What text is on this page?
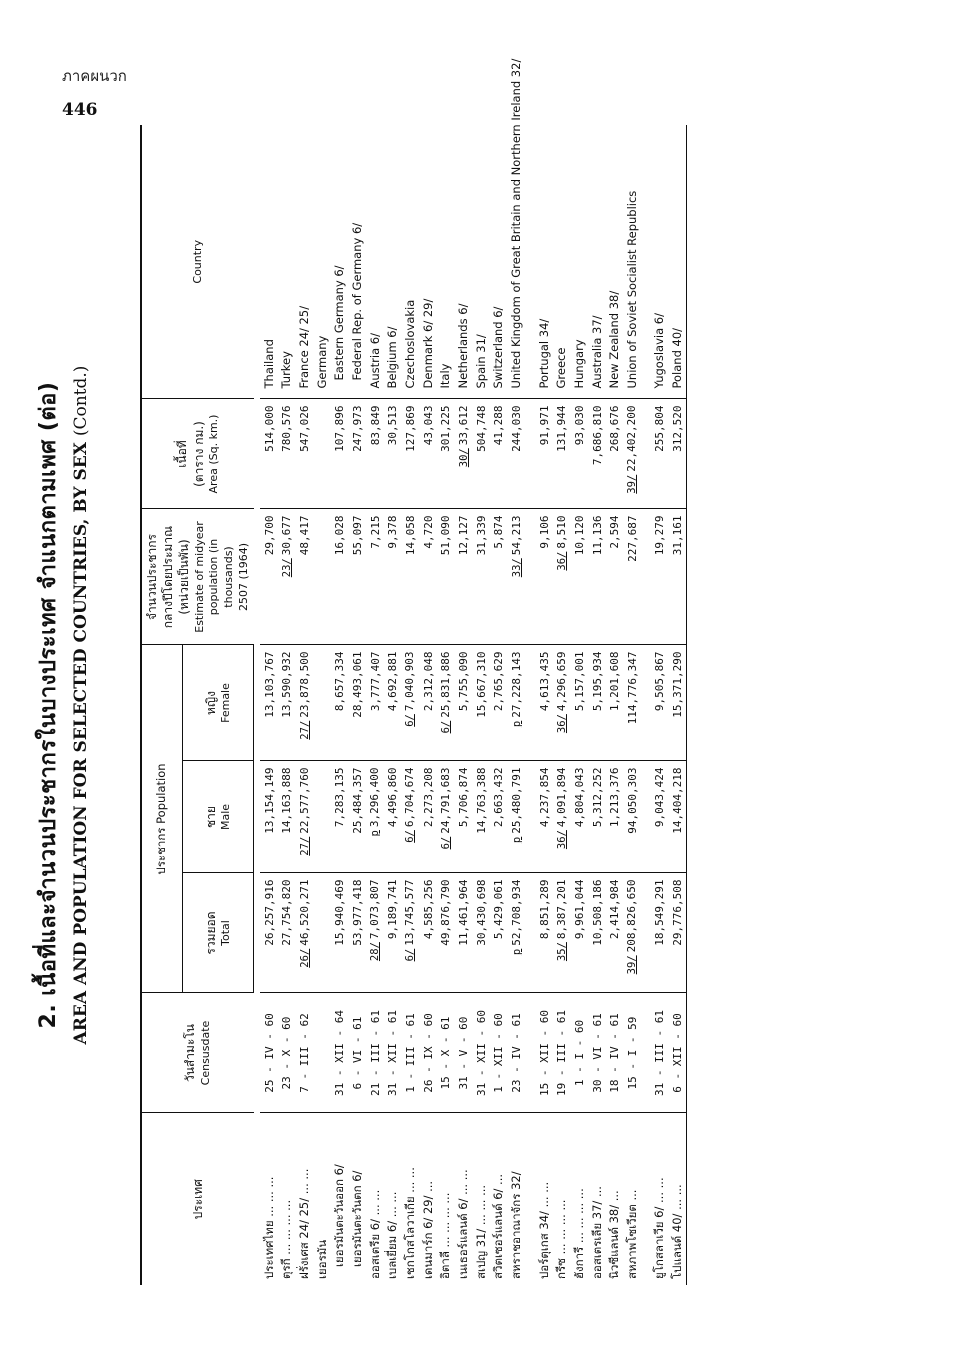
ภาคผนวก
446
2.เนื้อที่และจำนวนประชากรในบางประเทศ จำแนกตามเพศ (ต่อ) AREA AND POPULATION FOR SELECTED COUNTRIES, BY SEX (Contd.)
ประเทศ	วันสำมะโน Censusdate	ประชากร Population			จำนวนประชากร กลางปีโดยประมาณ (หน่วยเป็นพัน) Estimate of midyear population (in thousands) 2507 (1964)	เนื้อที่ (ตาราง กม.) Area (Sq. km.)	Country

		รวมยอด Total	ชาย Male	หญิง Female			

ประเทศไทย ... ... ...	25 - IV - 60	26,257,916	13,154,149	13,103,767	29,700	514,000	Thailand
ตุรกี ... ... ... ...	23 - X - 60	27,754,820	14,163,888	13,590,932	23/30,677	780,576	Turkey
ฝรั่งเศส 24/ 25/ ... ...	7 - III - 62	26/46,520,271	27/22,577,760	27/23,878,500	48,417	547,026	France 24/ 25/
เยอรมัน							Germany
เยอรมันตะวันออก 6/	31 - XII - 64	15,940,469	7,283,135	8,657,334	16,028	107,896	Eastern Germany 6/
เยอรมันตะวันตก 6/	6 - VI - 61	53,977,418	25,484,357	28,493,061	55,097	247,973	Federal Rep. of Germany 6/
ออสเตรีย 6/ ... ...	21 - III - 61	28/7,073,807	p3,296,400	3,777,407	7,215	83,849	Austria 6/
เบลเยี่ยม 6/ ... ...	31 - XII - 61	9,189,741	4,496,860	4,692,881	9,378	30,513	Belgium 6/
เชกโกสโลวาเกีย ... ...	1 - III - 61	6/13,745,577	6/6,704,674	6/7,040,903	14,058	127,869	Czechoslovakia
เดนมาร์ก 6/ 29/ ...	26 - IX - 60	4,585,256	2,273,208	2,312,048	4,720	43,043	Denmark 6/ 29/
อิตาลี ... ... ... ...	15 - X - 61	49,876,790	6/24,791,683	6/25,831,886	51,090	301,225	Italy
เนเธอร์แลนด์ 6/ ... ...	31 - V - 60	11,461,964	5,706,874	5,755,090	12,127	30/33,612	Netherlands 6/
สเปญ 31/ ... ... ...	31 - XII - 60	30,430,698	14,763,388	15,667,310	31,339	504,748	Spain 31/
สวิตเซอร์แลนด์ 6/ ...	1 - XII - 60	5,429,061	2,663,432	2,765,629	5,874	41,288	Switzerland 6/
สหราชอาณาจักร 32/	23 - IV - 61	p52,708,934	p25,480,791	p27,228,143	33/54,213	244,030	United Kingdom of Great Britain and Northern Ireland 32/

ปอร์ตุเกส 34/ ... ...	15 - XII - 60	8,851,289	4,237,854	4,613,435	9,106	91,971	Portugal 34/
กรีซ ... ... ... ...	19 - III - 61	35/8,387,201	36/4,091,894	36/4,296,659	36/8,510	131,944	Greece
ฮังการี ... ... ... ...	1 - I - 60	9,961,044	4,804,043	5,157,001	10,120	93,030	Hungary
ออสเตรเลีย 37/ ...	30 - VI - 61	10,508,186	5,312,252	5,195,934	11,136	7,686,810	Australia 37/
นิวซีแลนด์ 38/ ...	18 - IV - 61	2,414,984	1,213,376	1,201,608	2,594	268,676	New Zealand 38/
สหภาพโซเวียต ...	15 - I - 59	39/208,826,650	94,050,303	114,776,347	227,687	39/22,402,200	Union of Soviet Socialist Republics

ยูโกสลาเวีย 6/ ... ...	31 - III - 61	18,549,291	9,043,424	9,505,867	19,279	255,804	Yugoslavia 6/
โปแลนด์ 40/ ... ...	6 - XII - 60	29,776,508	14,404,218	15,371,290	31,161	312,520	Poland 40/
